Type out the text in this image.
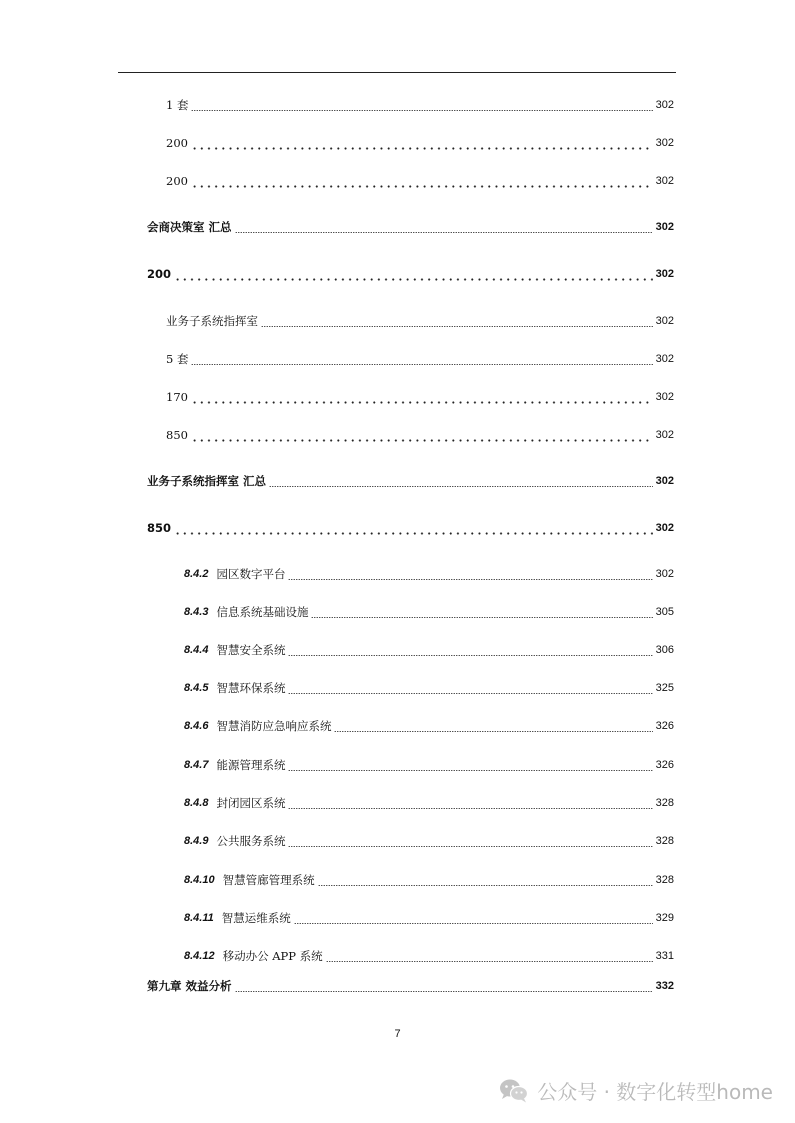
1 套	302
200	302
200	302
会商决策室 汇总	302
200	302
业务子系统指挥室	302
5 套	302
170	302
850	302
业务子系统指挥室 汇总	302
850	302
8.4.2 园区数字平台	302
8.4.3 信息系统基础设施	305
8.4.4 智慧安全系统	306
8.4.5 智慧环保系统	325
8.4.6 智慧消防应急响应系统	326
8.4.7 能源管理系统	326
8.4.8 封闭园区系统	328
8.4.9 公共服务系统	328
8.4.10 智慧管廊管理系统	328
8.4.11 智慧运维系统	329
8.4.12 移动办公 APP 系统	331
第九章 效益分析	332
7
公众号 · 数字化转型home
